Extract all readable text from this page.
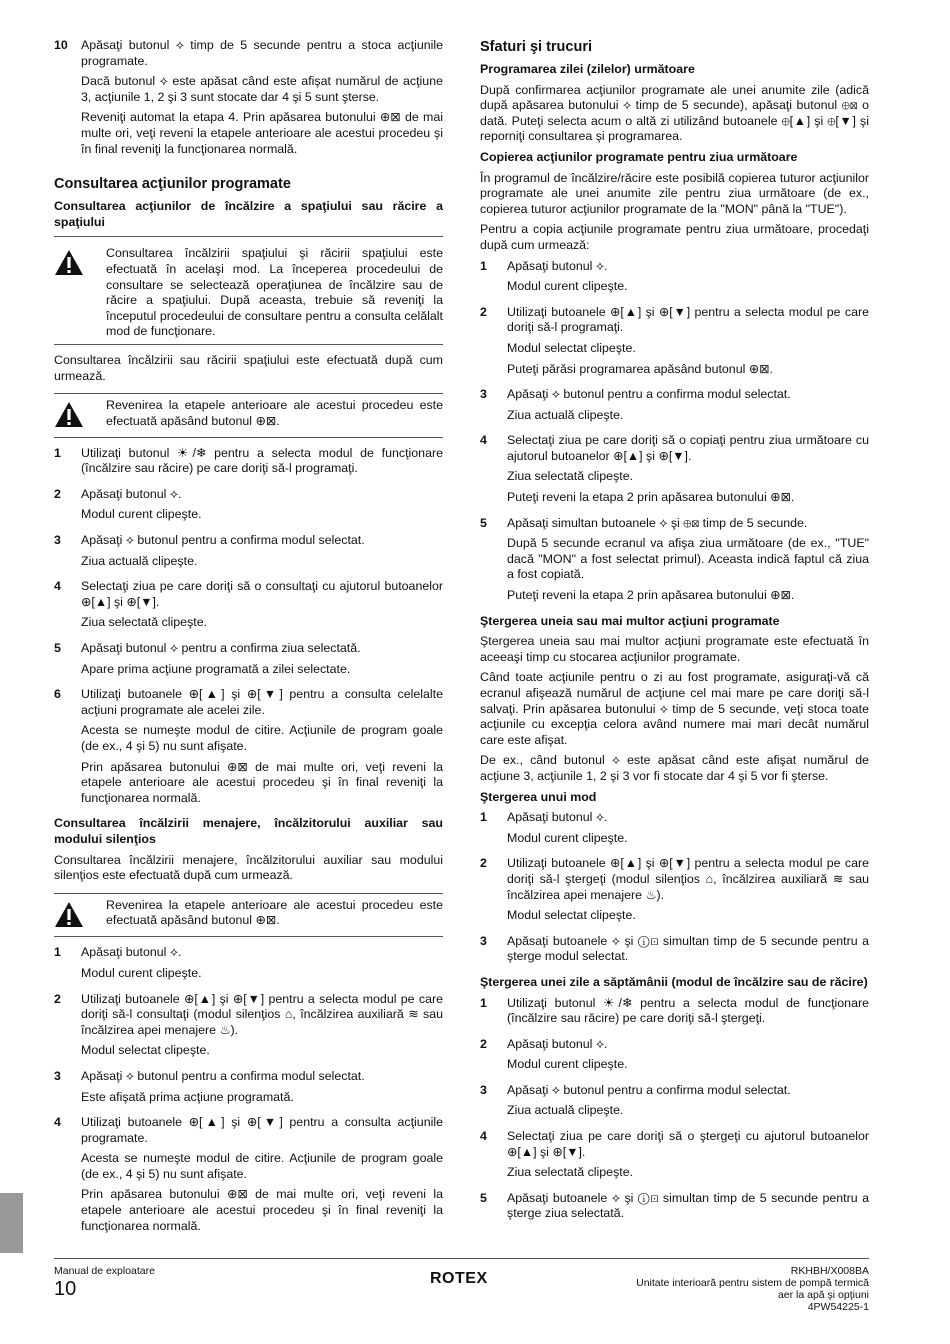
10	Apăsaţi butonul ⟡ timp de 5 secunde pentru a stoca acţiunile programate.

Dacă butonul ⟡ este apăsat când este afişat numărul de acţiune 3, acţiunile 1, 2 şi 3 sunt stocate dar 4 şi 5 sunt şterse.

Reveniţi automat la etapa 4. Prin apăsarea butonului ⊕⊠ de mai multe ori, veţi reveni la etapele anterioare ale acestui procedeu şi în final reveniţi la funcţionarea normală.

Consultarea acţiunilor programate
Consultarea acţiunilor de încălzire a spaţiului sau răcire a spaţiului
Consultarea încălzirii spaţiului şi răcirii spaţiului este efectuată în acelaşi mod. La începerea procedeului de consultare se selectează operaţiunea de încălzire sau de răcire a spaţiului. După aceasta, trebuie să reveniţi la începutul procedeului de consultare pentru a consulta celălalt mod de funcţionare.

Consultarea încălzirii sau răcirii spaţiului este efectuată după cum urmează.

Revenirea la etapele anterioare ale acestui procedeu este efectuată apăsând butonul ⊕⊠.
1	Utilizaţi butonul ☀/❄ pentru a selecta modul de funcţionare (încălzire sau răcire) pe care doriţi să-l programaţi.

2	Apăsaţi butonul ⟡.

Modul curent clipeşte.

3	Apăsaţi ⟡ butonul pentru a confirma modul selectat.

Ziua actuală clipeşte.

4	Selectaţi ziua pe care doriţi să o consultaţi cu ajutorul butoanelor ⊕[▲] şi ⊕[▼].

Ziua selectată clipeşte.

5	Apăsaţi butonul ⟡ pentru a confirma ziua selectată.

Apare prima acţiune programată a zilei selectate.

6	Utilizaţi butoanele ⊕[▲] şi ⊕[▼] pentru a consulta celelalte acţiuni programate ale acelei zile.

Acesta se numeşte modul de citire. Acţiunile de program goale (de ex., 4 şi 5) nu sunt afişate.

Prin apăsarea butonului ⊕⊠ de mai multe ori, veţi reveni la etapele anterioare ale acestui procedeu şi în final reveniţi la funcţionarea normală.

Consultarea încălzirii menajere, încălzitorului auxiliar sau modului silenţios

Consultarea încălzirii menajere, încălzitorului auxiliar sau modului silenţios este efectuată după cum urmează.

Revenirea la etapele anterioare ale acestui procedeu este efectuată apăsând butonul ⊕⊠.
1	Apăsaţi butonul ⟡.

Modul curent clipeşte.

2	Utilizaţi butoanele ⊕[▲] şi ⊕[▼] pentru a selecta modul pe care doriţi să-l consultaţi (modul silenţios ⌂, încălzirea auxiliară ≋ sau încălzirea apei menajere ♨).

Modul selectat clipeşte.

3	Apăsaţi ⟡ butonul pentru a confirma modul selectat.

Este afişată prima acţiune programată.

4	Utilizaţi butoanele ⊕[▲] şi ⊕[▼] pentru a consulta acţiunile programate.

Acesta se numeşte modul de citire. Acţiunile de program goale (de ex., 4 şi 5) nu sunt afişate.

Prin apăsarea butonului ⊕⊠ de mai multe ori, veţi reveni la etapele anterioare ale acestui procedeu şi în final reveniţi la funcţionarea normală.

Sfaturi şi trucuri
Programarea zilei (zilelor) următoare

După confirmarea acţiunilor programate ale unei anumite zile (adică după apăsarea butonului ⟡ timp de 5 secunde), apăsaţi butonul ⊕⊠ o dată. Puteţi selecta acum o altă zi utilizând butoanele ⊕[▲] şi ⊕[▼] şi reporniţi consultarea şi programarea.

Copierea acţiunilor programate pentru ziua următoare

În programul de încălzire/răcire este posibilă copierea tuturor acţiunilor programate ale unei anumite zile pentru ziua următoare (de ex., copierea tuturor acţiunilor programate de la "MON" până la "TUE").

Pentru a copia acţiunile programate pentru ziua următoare, procedaţi după cum urmează:

1	Apăsaţi butonul ⟡.

Modul curent clipeşte.

2	Utilizaţi butoanele ⊕[▲] şi ⊕[▼] pentru a selecta modul pe care doriţi să-l programaţi.

Modul selectat clipeşte.

Puteţi părăsi programarea apăsând butonul ⊕⊠.

3	Apăsaţi ⟡ butonul pentru a confirma modul selectat.

Ziua actuală clipeşte.

4	Selectaţi ziua pe care doriţi să o copiaţi pentru ziua următoare cu ajutorul butoanelor ⊕[▲] şi ⊕[▼].

Ziua selectată clipeşte.

Puteţi reveni la etapa 2 prin apăsarea butonului ⊕⊠.

5	Apăsaţi simultan butoanele ⟡ şi ⊕⊠ timp de 5 secunde.

După 5 secunde ecranul va afişa ziua următoare (de ex., "TUE" dacă "MON" a fost selectat primul). Aceasta indică faptul că ziua a fost copiată.

Puteţi reveni la etapa 2 prin apăsarea butonului ⊕⊠.

Ştergerea uneia sau mai multor acţiuni programate

Ştergerea uneia sau mai multor acţiuni programate este efectuată în aceeaşi timp cu stocarea acţiunilor programate.

Când toate acţiunile pentru o zi au fost programate, asiguraţi-vă că ecranul afişează numărul de acţiune cel mai mare pe care doriţi să-l salvaţi. Prin apăsarea butonului ⟡ timp de 5 secunde, veţi stoca toate acţiunile cu excepţia celora având numere mai mari decât numărul care este afişat.

De ex., când butonul ⟡ este apăsat când este afişat numărul de acţiune 3, acţiunile 1, 2 şi 3 vor fi stocate dar 4 şi 5 vor fi şterse.

Ştergerea unui mod
1	Apăsaţi butonul ⟡.

Modul curent clipeşte.

2	Utilizaţi butoanele ⊕[▲] şi ⊕[▼] pentru a selecta modul pe care doriţi să-l ştergeţi (modul silenţios ⌂, încălzirea auxiliară ≋ sau încălzirea apei menajere ♨).

Modul selectat clipeşte.

3	Apăsaţi butoanele ⟡ şi ⓘ⊡ simultan timp de 5 secunde pentru a şterge modul selectat.

Ştergerea unei zile a săptămânii (modul de încălzire sau de răcire)
1	Utilizaţi butonul ☀/❄ pentru a selecta modul de funcţionare (încălzire sau răcire) pe care doriţi să-l ştergeţi.

2	Apăsaţi butonul ⟡.

Modul curent clipeşte.

3	Apăsaţi ⟡ butonul pentru a confirma modul selectat.

Ziua actuală clipeşte.

4	Selectaţi ziua pe care doriţi să o ştergeţi cu ajutorul butoanelor ⊕[▲] şi ⊕[▼].

Ziua selectată clipeşte.

5	Apăsaţi butoanele ⟡ şi ⓘ⊡ simultan timp de 5 secunde pentru a şterge ziua selectată.

Manual de exploatare
10	ROTEX	RKHBH/X008BA
Unitate interioară pentru sistem de pompă termică
aer la apă şi opţiuni
4PW54225-1
